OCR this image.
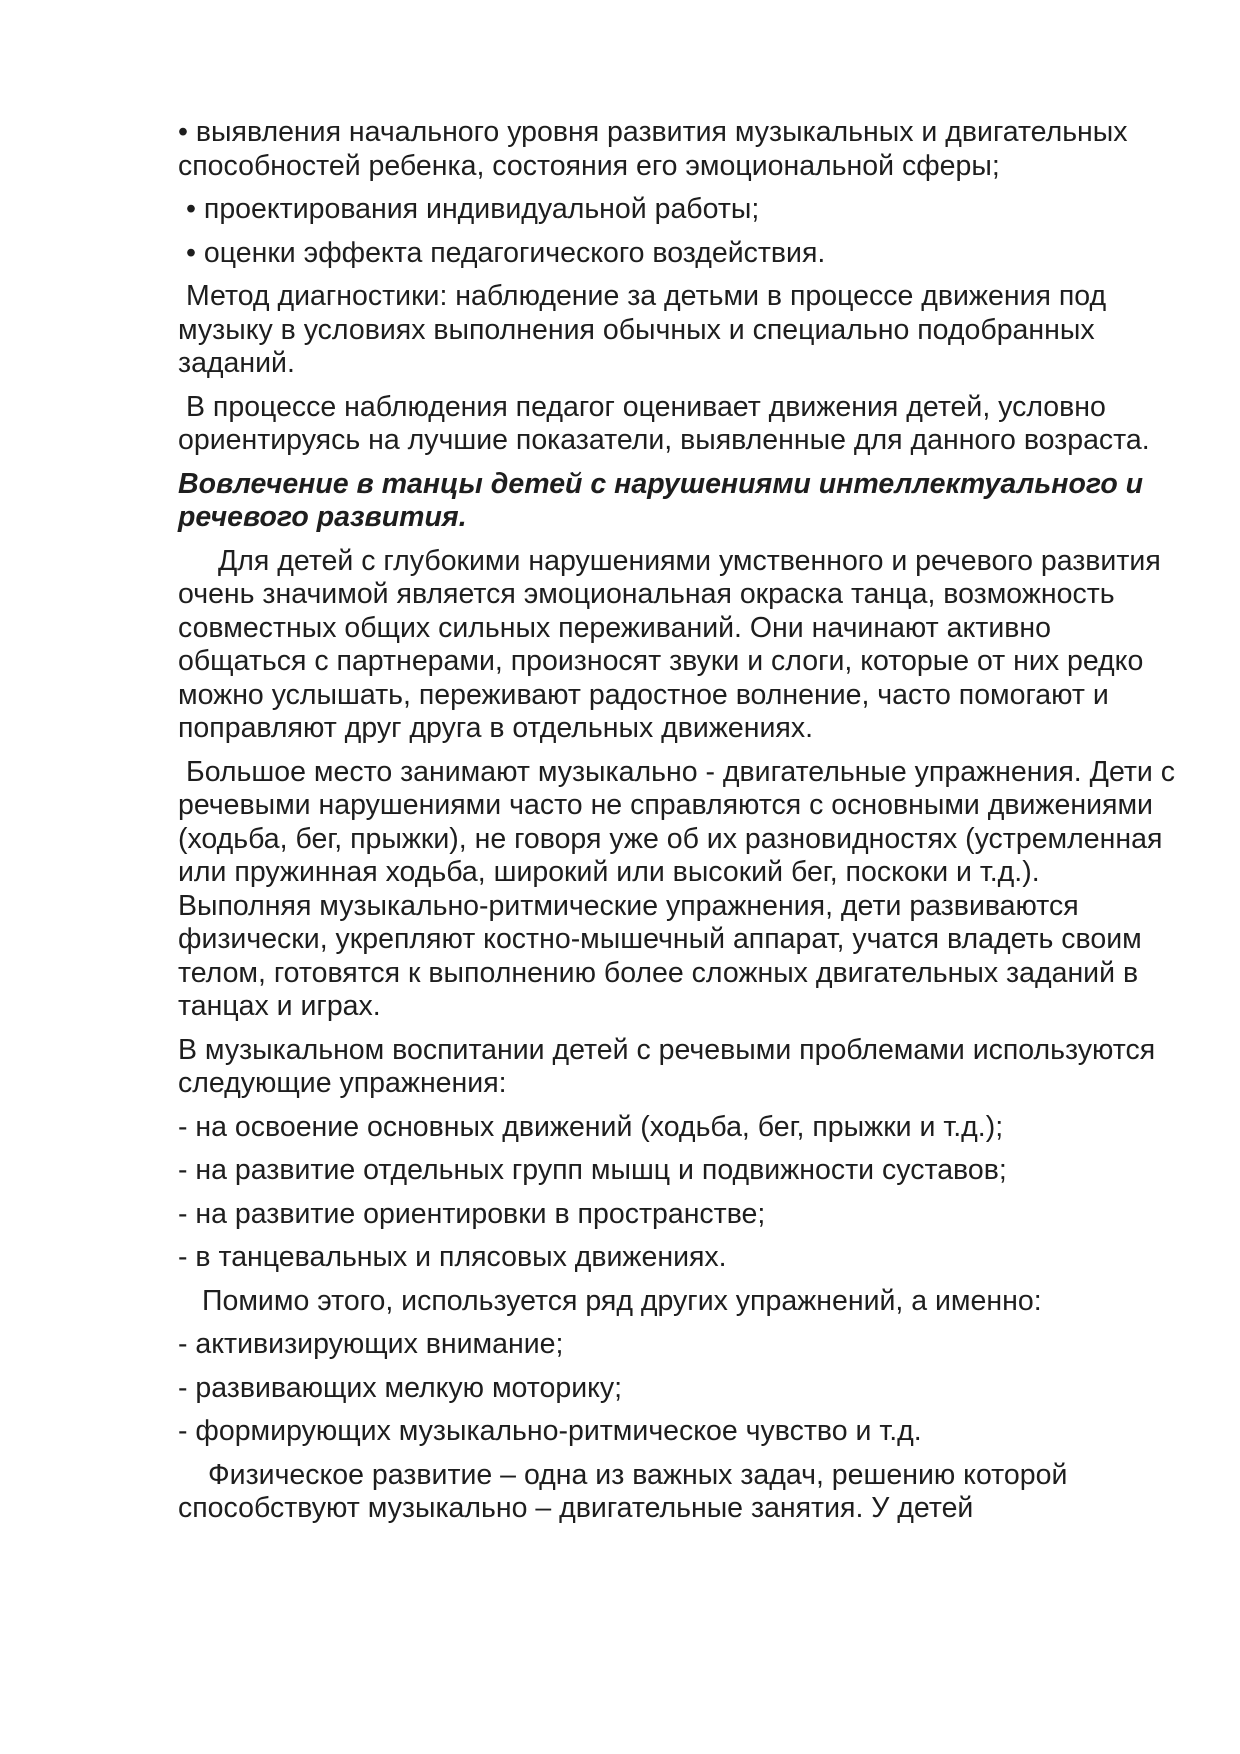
• выявления начального уровня развития музыкальных и двигательных способностей ребенка, состояния его эмоциональной сферы;

• проектирования индивидуальной работы;

• оценки эффекта педагогического воздействия.

Метод диагностики: наблюдение за детьми в процессе движения под музыку в условиях выполнения обычных и специально подобранных заданий.

В процессе наблюдения педагог оценивает движения детей, условно ориентируясь на лучшие показатели, выявленные для данного возраста.

Вовлечение в танцы детей с нарушениями интеллектуального и речевого развития.

Для детей с глубокими нарушениями умственного и речевого развития очень значимой является эмоциональная окраска танца, возможность совместных общих сильных переживаний. Они начинают активно общаться с партнерами, произносят звуки и слоги, которые от них редко можно услышать, переживают радостное волнение, часто помогают и поправляют друг друга в отдельных движениях.

Большое место занимают музыкально - двигательные упражнения. Дети с речевыми нарушениями часто не справляются с основными движениями (ходьба, бег, прыжки), не говоря уже об их разновидностях (устремленная или пружинная ходьба, широкий или высокий бег, поскоки и т.д.). Выполняя музыкально-ритмические упражнения, дети развиваются физически, укрепляют костно-мышечный аппарат, учатся владеть своим телом, готовятся к выполнению более сложных двигательных заданий в танцах и играх.

В музыкальном воспитании детей с речевыми проблемами используются следующие упражнения:

- на освоение основных движений (ходьба, бег, прыжки и т.д.);

- на развитие отдельных групп мышц и подвижности суставов;

- на развитие ориентировки в пространстве;

- в танцевальных и плясовых движениях.

Помимо этого, используется ряд других упражнений, а именно:

- активизирующих внимание;

- развивающих мелкую моторику;

- формирующих музыкально-ритмическое чувство и т.д.

Физическое развитие – одна из важных задач, решению которой способствуют музыкально – двигательные занятия. У детей
